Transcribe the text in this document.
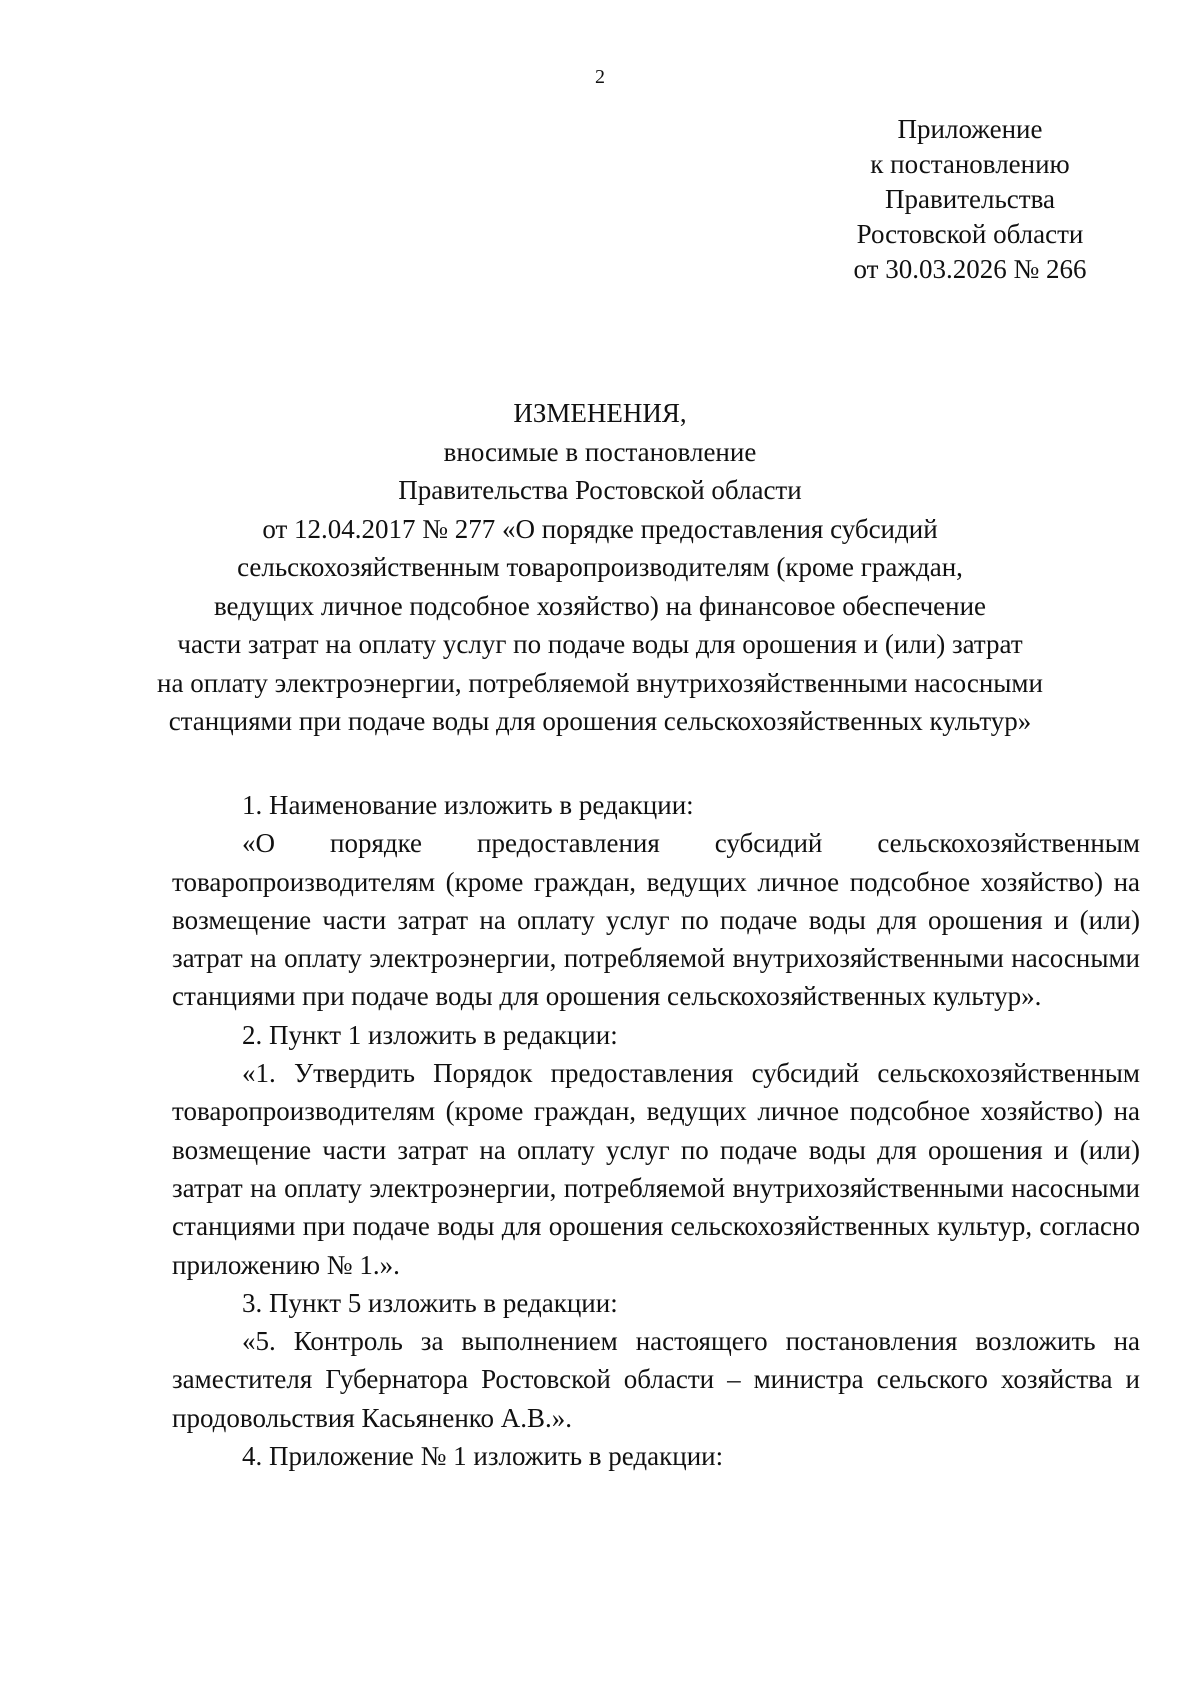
2
Приложение
к постановлению
Правительства
Ростовской области
от 30.03.2026 № 266
ИЗМЕНЕНИЯ,
вносимые в постановление
Правительства Ростовской области
от 12.04.2017 № 277 «О порядке предоставления субсидий
сельскохозяйственным товаропроизводителям (кроме граждан,
ведущих личное подсобное хозяйство) на финансовое обеспечение
части затрат на оплату услуг по подаче воды для орошения и (или) затрат
на оплату электроэнергии, потребляемой внутрихозяйственными насосными
станциями при подаче воды для орошения сельскохозяйственных культур»

1. Наименование изложить в редакции:

«О порядке предоставления субсидий сельскохозяйственным товаропроизводителям (кроме граждан, ведущих личное подсобное хозяйство) на возмещение части затрат на оплату услуг по подаче воды для орошения и (или) затрат на оплату электроэнергии, потребляемой внутрихозяйственными насосными станциями при подаче воды для орошения сельскохозяйственных культур».

2. Пункт 1 изложить в редакции:

«1. Утвердить Порядок предоставления субсидий сельскохозяйственным товаропроизводителям (кроме граждан, ведущих личное подсобное хозяйство) на возмещение части затрат на оплату услуг по подаче воды для орошения и (или) затрат на оплату электроэнергии, потребляемой внутрихозяйственными насосными станциями при подаче воды для орошения сельскохозяйственных культур, согласно приложению № 1.».

3. Пункт 5 изложить в редакции:

«5. Контроль за выполнением настоящего постановления возложить на заместителя Губернатора Ростовской области – министра сельского хозяйства и продовольствия Касьяненко А.В.».

4. Приложение № 1 изложить в редакции:
